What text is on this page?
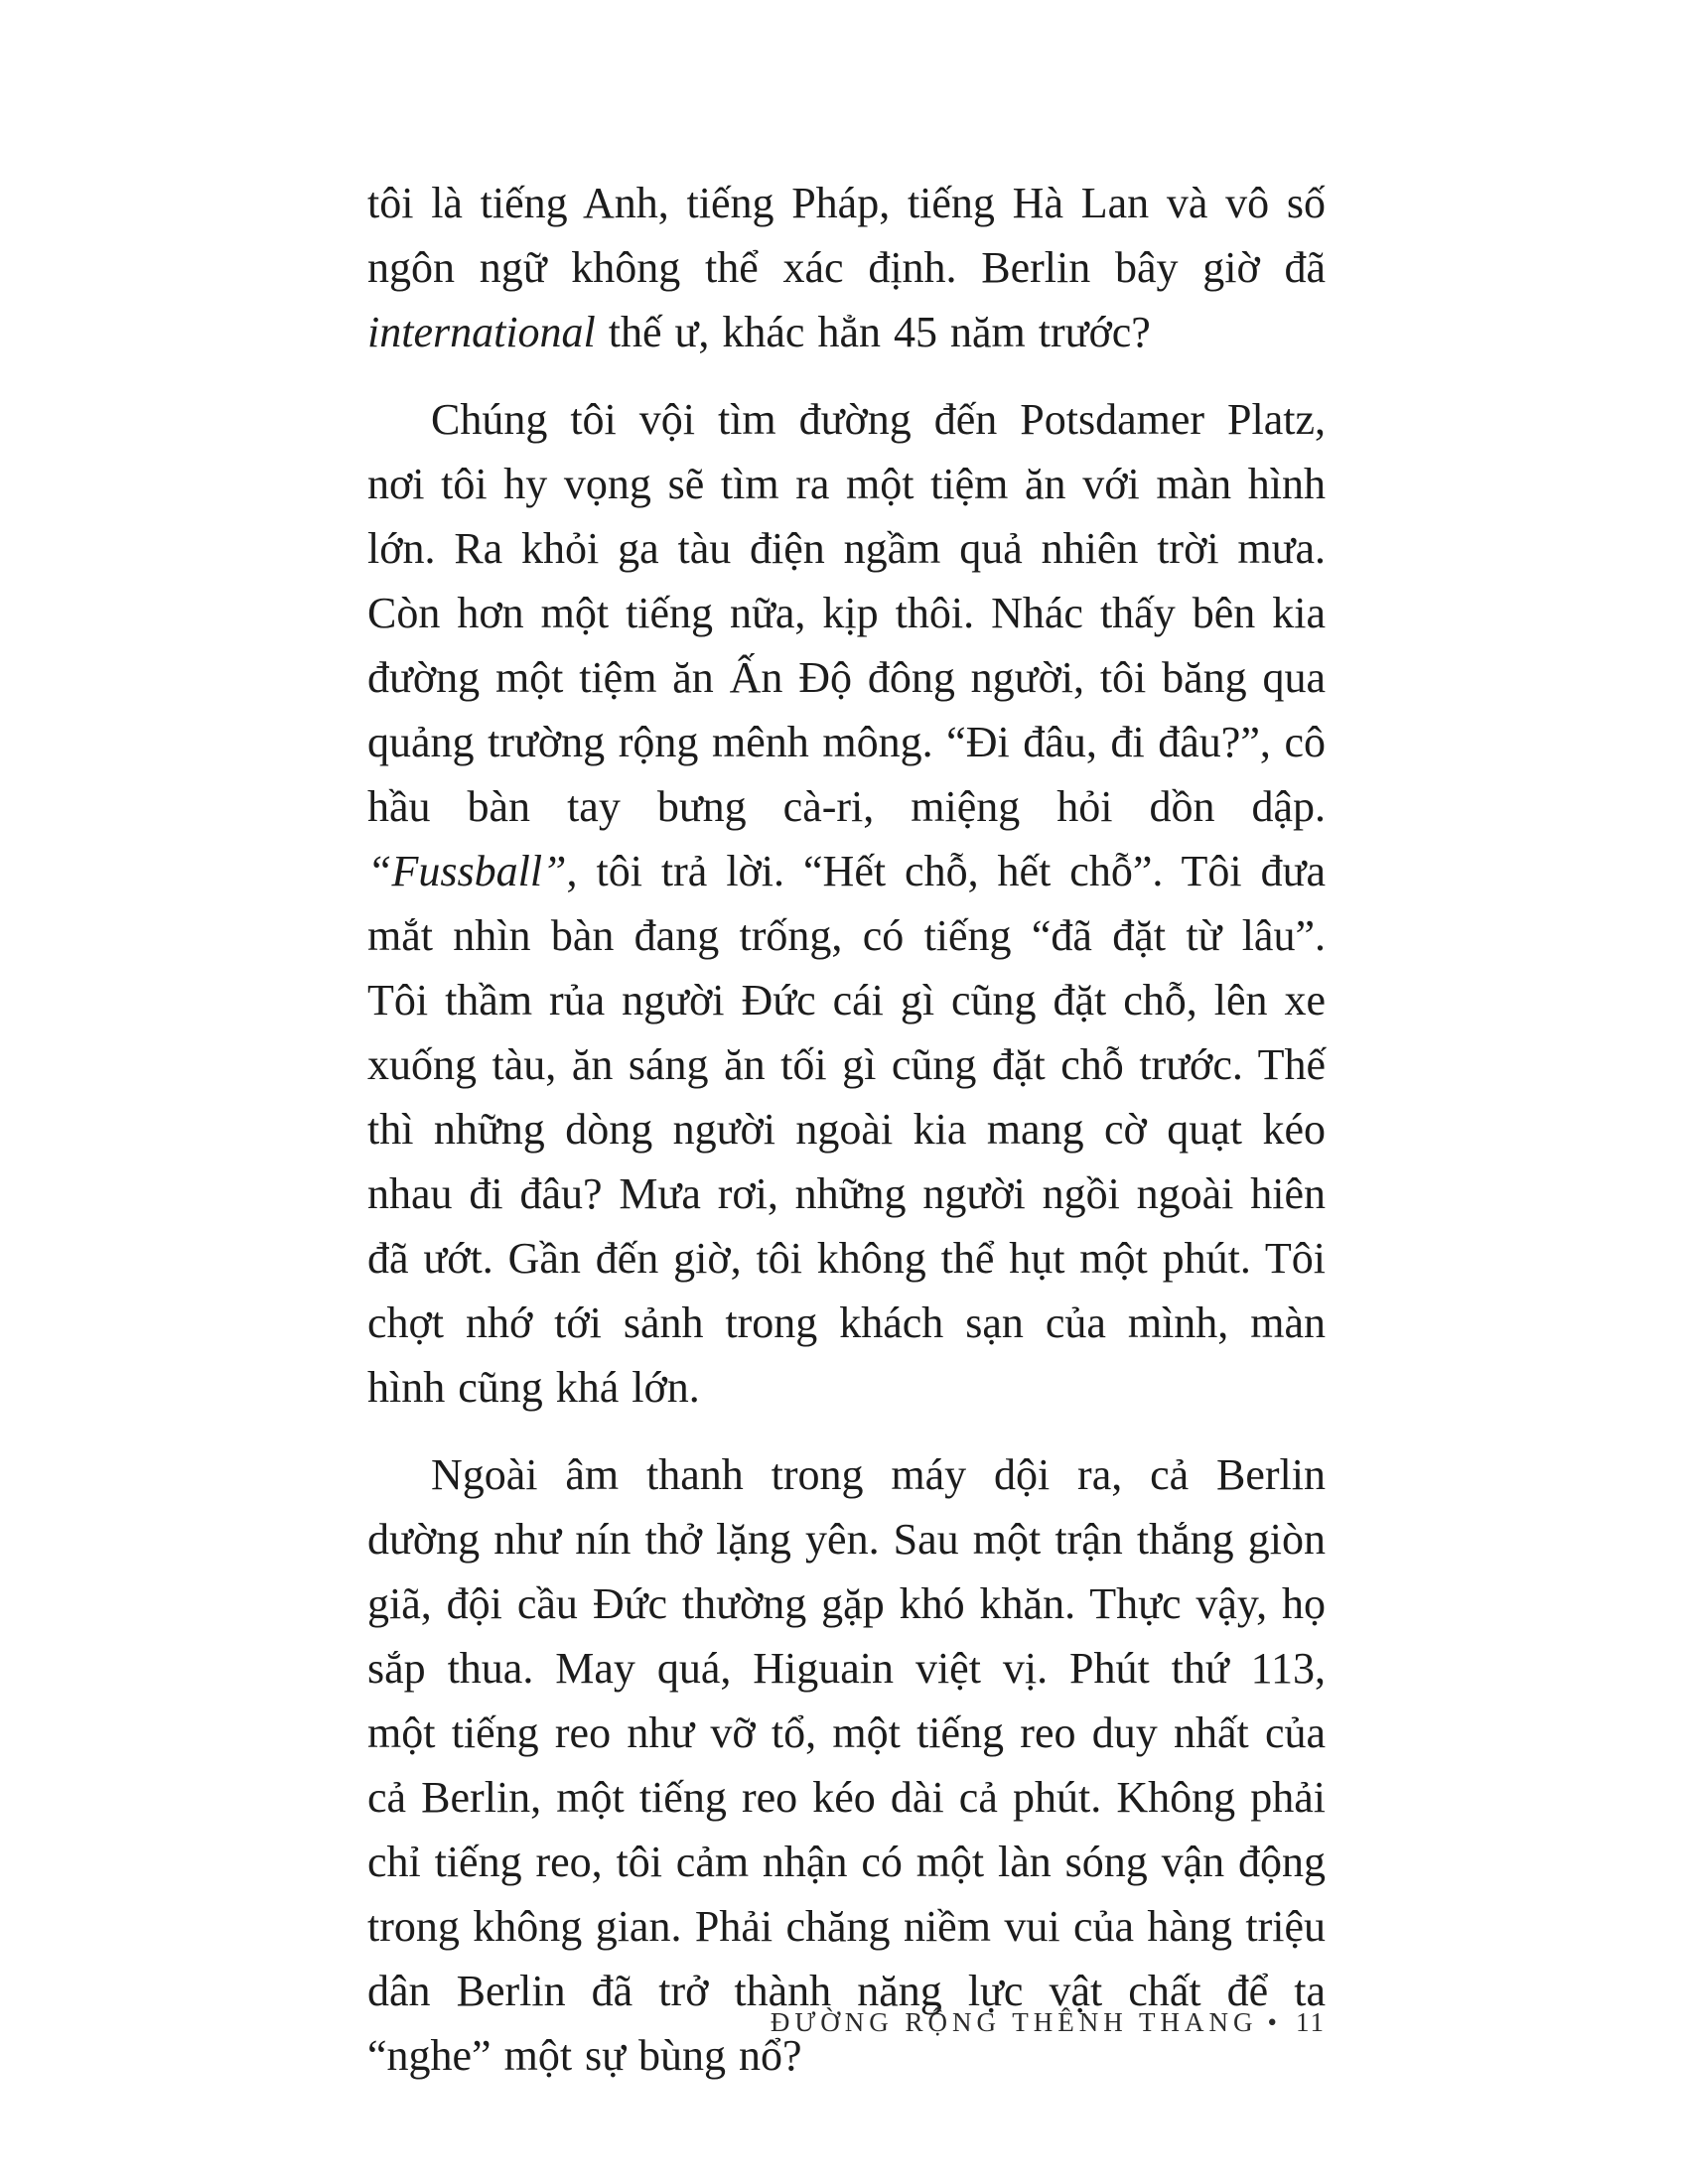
tôi là tiếng Anh, tiếng Pháp, tiếng Hà Lan và vô số ngôn ngữ không thể xác định. Berlin bây giờ đã international thế ư, khác hẳn 45 năm trước?

Chúng tôi vội tìm đường đến Potsdamer Platz, nơi tôi hy vọng sẽ tìm ra một tiệm ăn với màn hình lớn. Ra khỏi ga tàu điện ngầm quả nhiên trời mưa. Còn hơn một tiếng nữa, kịp thôi. Nhác thấy bên kia đường một tiệm ăn Ấn Độ đông người, tôi băng qua quảng trường rộng mênh mông. “Đi đâu, đi đâu?”, cô hầu bàn tay bưng cà-ri, miệng hỏi dồn dập. “Fussball”, tôi trả lời. “Hết chỗ, hết chỗ”. Tôi đưa mắt nhìn bàn đang trống, có tiếng “đã đặt từ lâu”. Tôi thầm rủa người Đức cái gì cũng đặt chỗ, lên xe xuống tàu, ăn sáng ăn tối gì cũng đặt chỗ trước. Thế thì những dòng người ngoài kia mang cờ quạt kéo nhau đi đâu? Mưa rơi, những người ngồi ngoài hiên đã ướt. Gần đến giờ, tôi không thể hụt một phút. Tôi chợt nhớ tới sảnh trong khách sạn của mình, màn hình cũng khá lớn.

Ngoài âm thanh trong máy dội ra, cả Berlin dường như nín thở lặng yên. Sau một trận thắng giòn giã, đội cầu Đức thường gặp khó khăn. Thực vậy, họ sắp thua. May quá, Higuain việt vị. Phút thứ 113, một tiếng reo như vỡ tổ, một tiếng reo duy nhất của cả Berlin, một tiếng reo kéo dài cả phút. Không phải chỉ tiếng reo, tôi cảm nhận có một làn sóng vận động trong không gian. Phải chăng niềm vui của hàng triệu dân Berlin đã trở thành năng lực vật chất để ta “nghe” một sự bùng nổ?

ĐƯỜNG RỘNG THÊNH THANG • 11
